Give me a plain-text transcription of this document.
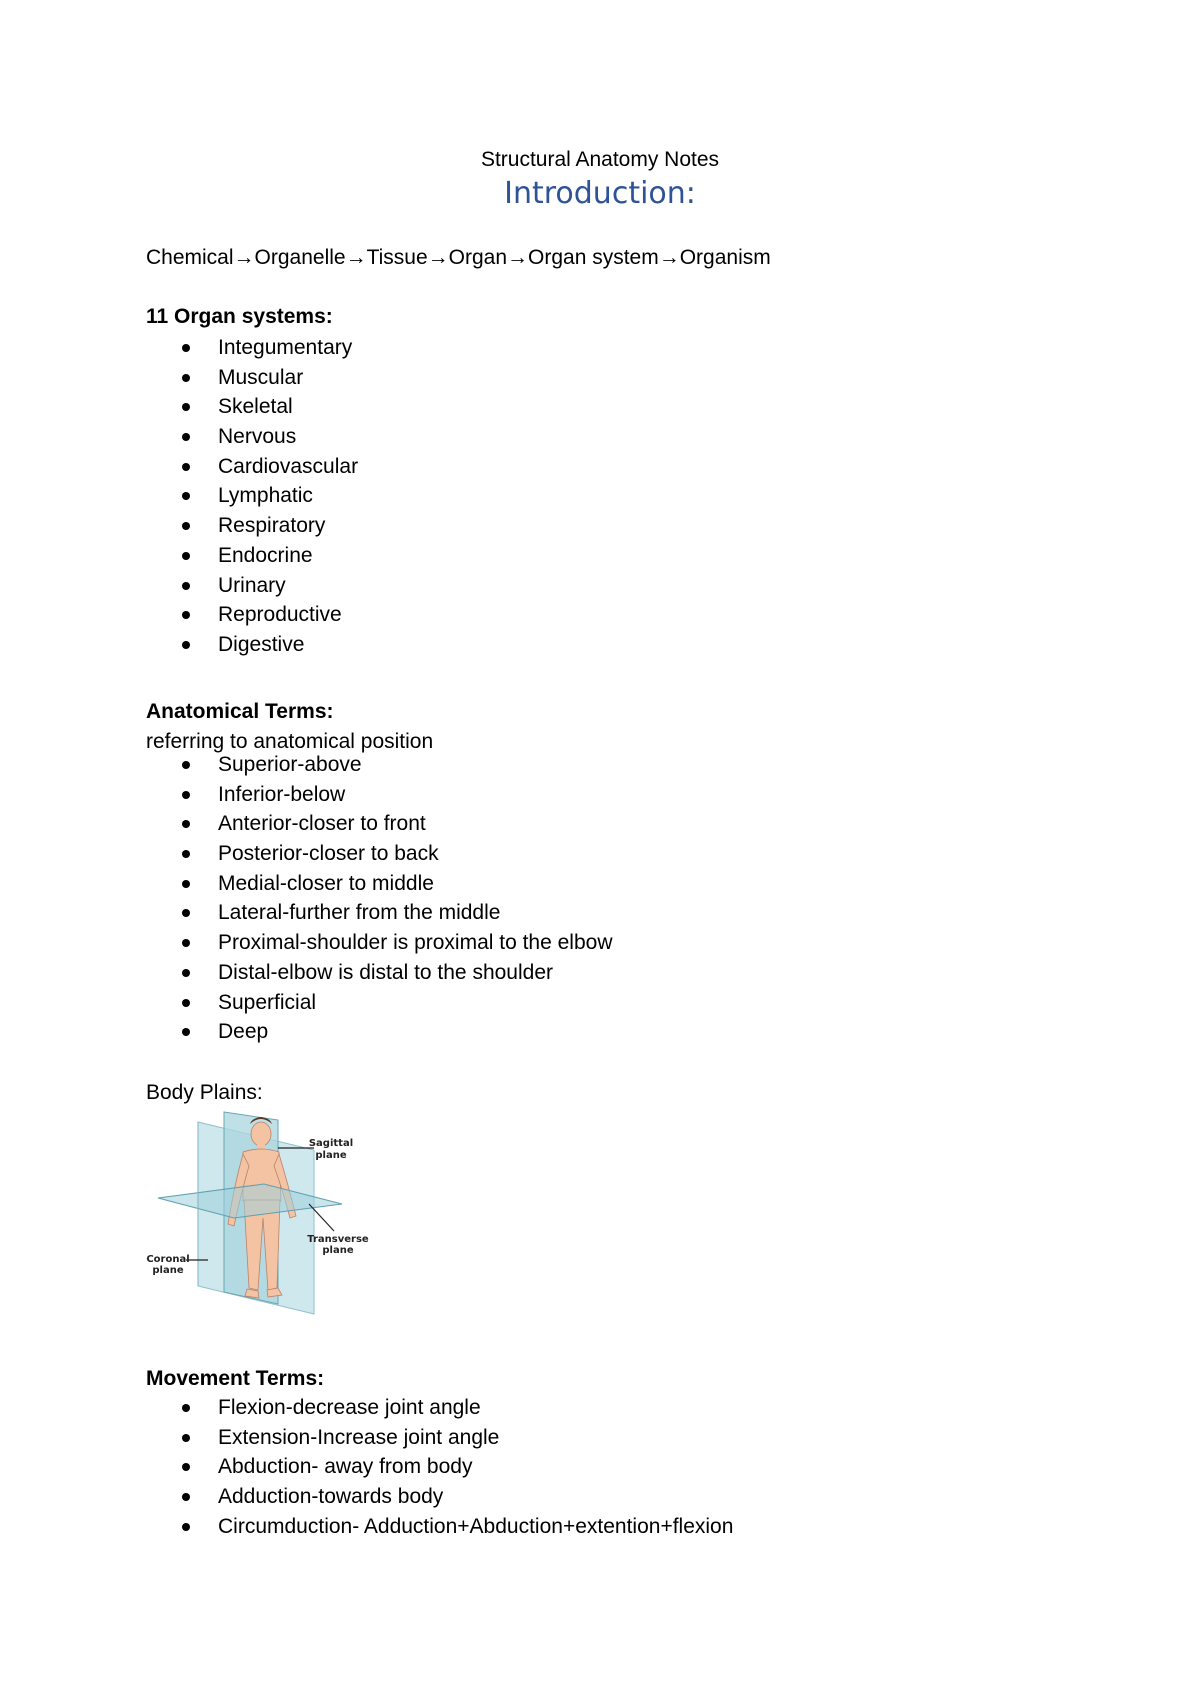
Structural Anatomy Notes
Introduction:
Chemical→Organelle→Tissue→Organ→Organ system→Organism
11 Organ systems:
Integumentary
Muscular
Skeletal
Nervous
Cardiovascular
Lymphatic
Respiratory
Endocrine
Urinary
Reproductive
Digestive
Anatomical Terms:
referring to anatomical position
Superior-above
Inferior-below
Anterior-closer to front
Posterior-closer to back
Medial-closer to middle
Lateral-further from the middle
Proximal-shoulder is proximal to the elbow
Distal-elbow is distal to the shoulder
Superficial
Deep
Body Plains:
Sagittal
plane
Transverse
plane
Coronal
plane
Movement Terms:
Flexion-decrease joint angle
Extension-Increase joint angle
Abduction- away from body
Adduction-towards body
Circumduction- Adduction+Abduction+extention+flexion
